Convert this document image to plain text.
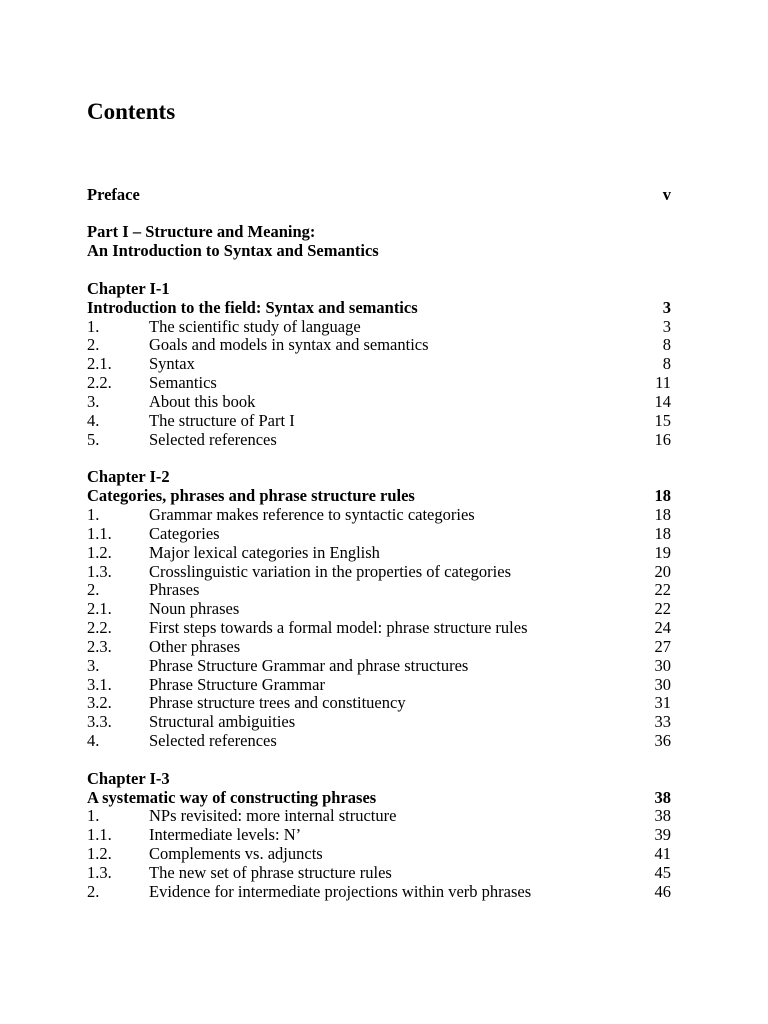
Contents
Preface	v
Part I – Structure and Meaning:
An Introduction to Syntax and Semantics
Chapter I-1
Introduction to the field: Syntax and semantics	3
1.	The scientific study of language	3
2.	Goals and models in syntax and semantics	8
2.1. Syntax	8
2.2. Semantics	11
3.	About this book	14
4.	The structure of Part I	15
5.	Selected references	16
Chapter I-2
Categories, phrases and phrase structure rules	18
1.	Grammar makes reference to syntactic categories	18
1.1. Categories	18
1.2. Major lexical categories in English	19
1.3. Crosslinguistic variation in the properties of categories	20
2.	Phrases	22
2.1. Noun phrases	22
2.2. First steps towards a formal model: phrase structure rules	24
2.3. Other phrases	27
3.	Phrase Structure Grammar and phrase structures	30
3.1. Phrase Structure Grammar	30
3.2. Phrase structure trees and constituency	31
3.3. Structural ambiguities	33
4.	Selected references	36
Chapter I-3
A systematic way of constructing phrases	38
1.	NPs revisited: more internal structure	38
1.1. Intermediate levels: N’	39
1.2. Complements vs. adjuncts	41
1.3. The new set of phrase structure rules	45
2.	Evidence for intermediate projections within verb phrases	46
